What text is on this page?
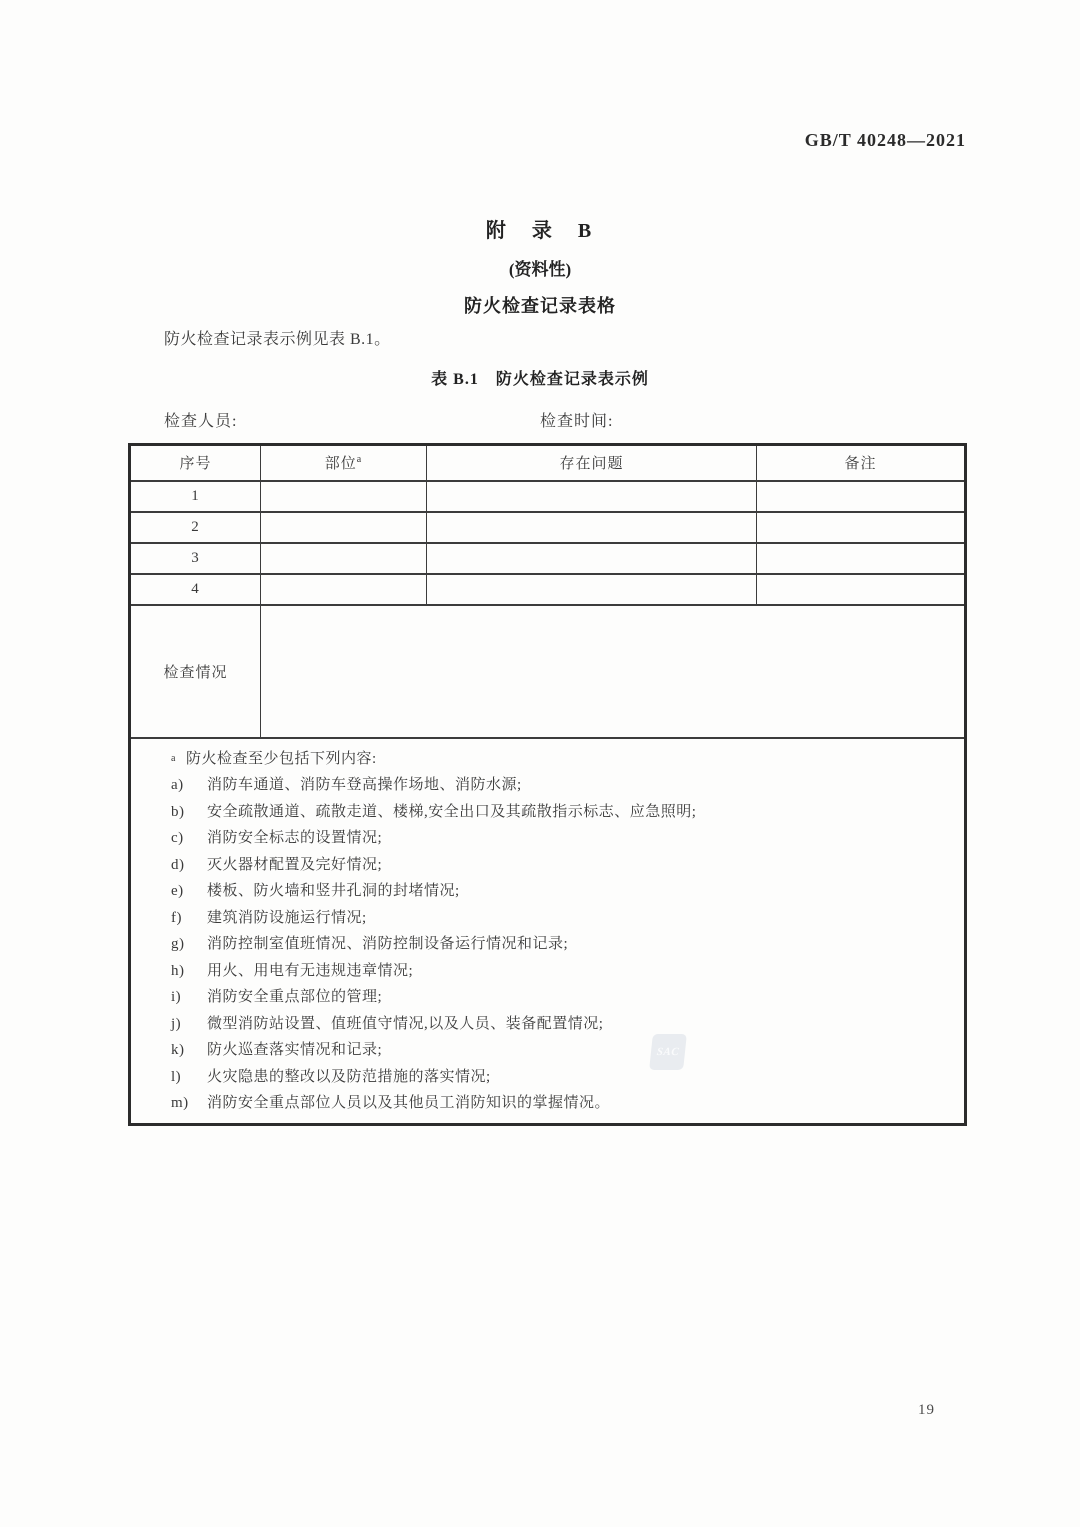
GB/T 40248—2021
附　录　B
(资料性)
防火检查记录表格
防火检查记录表示例见表 B.1。
表 B.1　防火检查记录表示例
检查人员:	检查时间:
序号	部位$^a$	存在问题	备注
1			
2			
3			
4			
检查情况			

a 防火检查至少包括下列内容:
a)	消防车通道、消防车登高操作场地、消防水源;
b)	安全疏散通道、疏散走道、楼梯,安全出口及其疏散指示标志、应急照明;
c)	消防安全标志的设置情况;
d)	灭火器材配置及完好情况;
e)	楼板、防火墙和竖井孔洞的封堵情况;
f)	建筑消防设施运行情况;
g)	消防控制室值班情况、消防控制设备运行情况和记录;
h)	用火、用电有无违规违章情况;
i)	消防安全重点部位的管理;
j)	微型消防站设置、值班值守情况,以及人员、装备配置情况;
k)	防火巡查落实情况和记录;
l)	火灾隐患的整改以及防范措施的落实情况;
m)	消防安全重点部位人员以及其他员工消防知识的掌握情况。
SAC
19
